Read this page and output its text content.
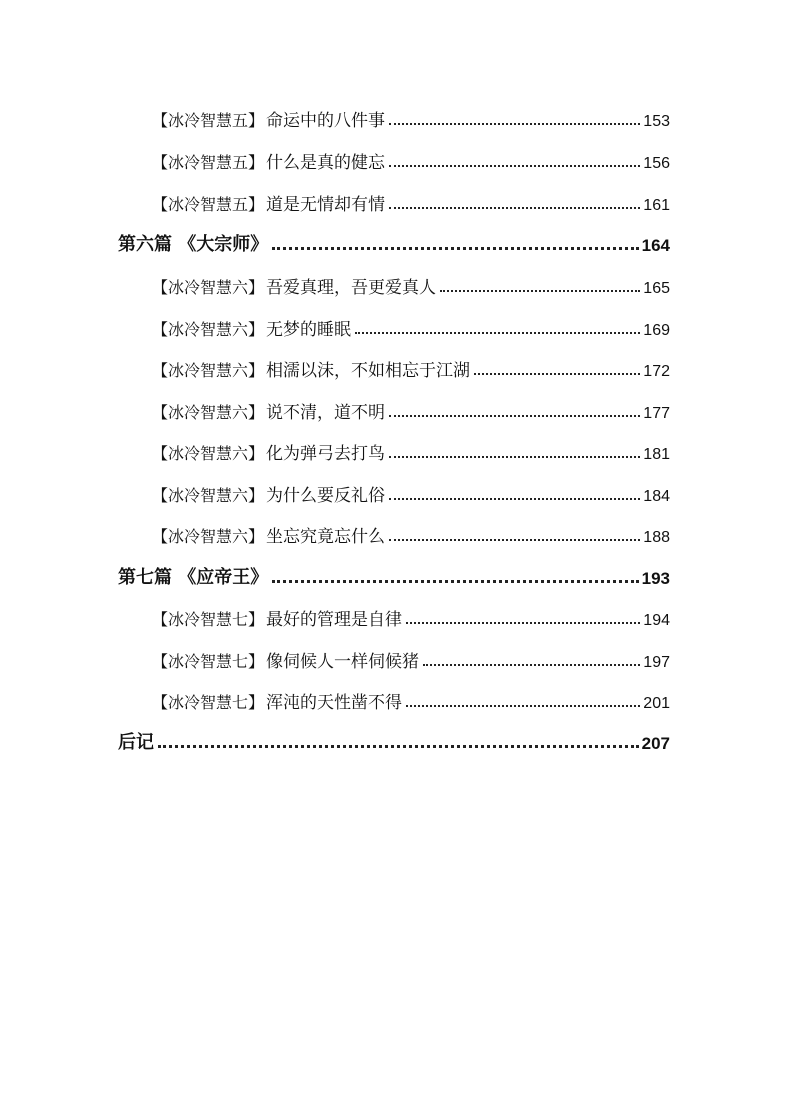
【冰冷智慧五】 命运中的八件事	153
【冰冷智慧五】 什么是真的健忘	156
【冰冷智慧五】 道是无情却有情	161
第六篇 《大宗师》	164
【冰冷智慧六】 吾爱真理，吾更爱真人	165
【冰冷智慧六】 无梦的睡眠	169
【冰冷智慧六】 相濡以沫，不如相忘于江湖	172
【冰冷智慧六】 说不清，道不明	177
【冰冷智慧六】 化为弹弓去打鸟	181
【冰冷智慧六】 为什么要反礼俗	184
【冰冷智慧六】 坐忘究竟忘什么	188
第七篇 《应帝王》	193
【冰冷智慧七】 最好的管理是自律	194
【冰冷智慧七】 像伺候人一样伺候猪	197
【冰冷智慧七】 浑沌的天性凿不得	201
后记	207
